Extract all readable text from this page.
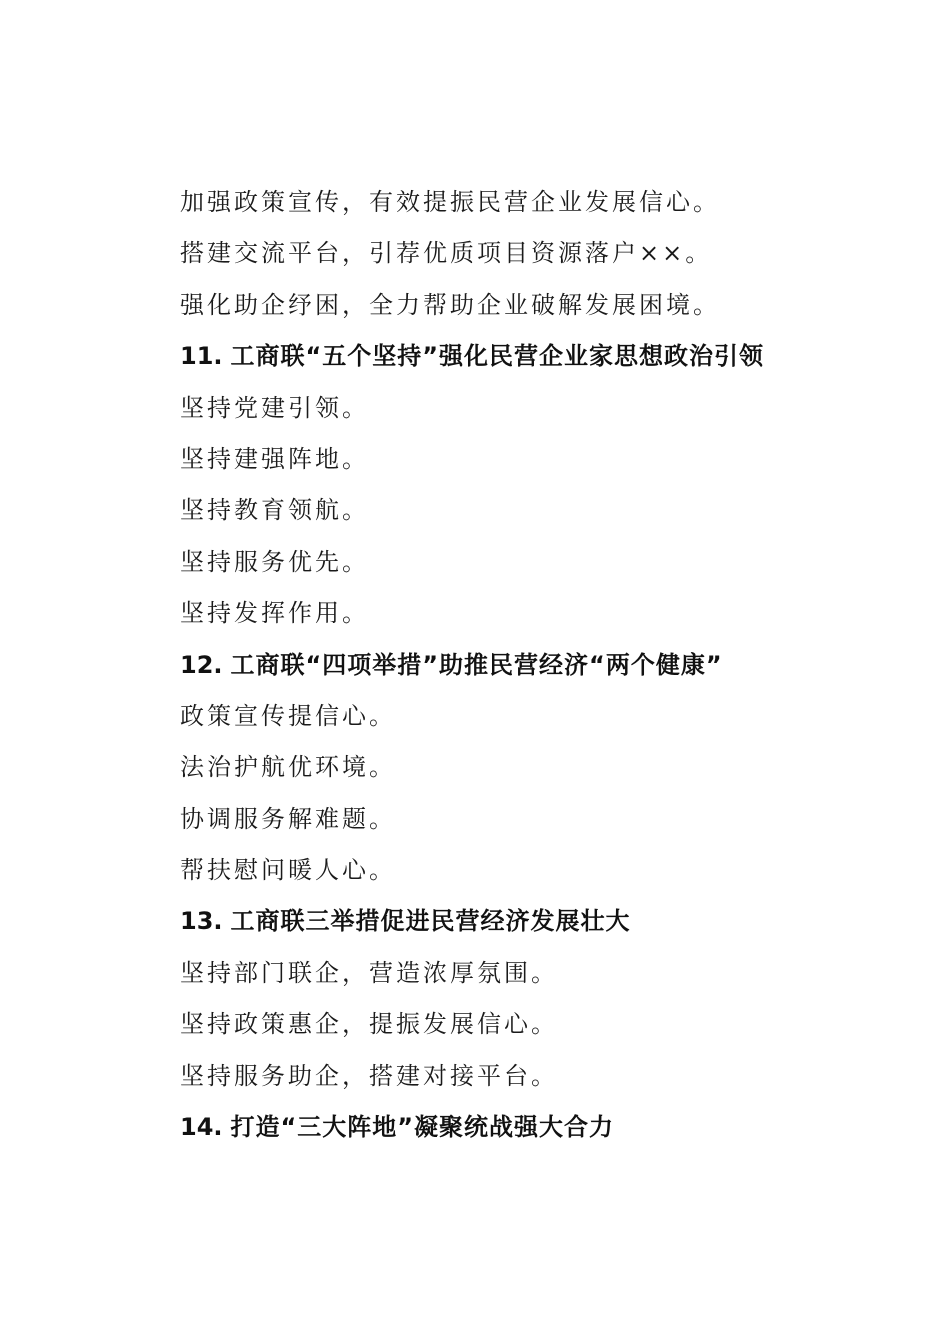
加强政策宣传，有效提振民营企业发展信心。
搭建交流平台，引荐优质项目资源落户××。
强化助企纾困，全力帮助企业破解发展困境。
11. 工商联“五个坚持”强化民营企业家思想政治引领
坚持党建引领。
坚持建强阵地。
坚持教育领航。
坚持服务优先。
坚持发挥作用。
12. 工商联“四项举措”助推民营经济“两个健康”
政策宣传提信心。
法治护航优环境。
协调服务解难题。
帮扶慰问暖人心。
13. 工商联三举措促进民营经济发展壮大
坚持部门联企，营造浓厚氛围。
坚持政策惠企，提振发展信心。
坚持服务助企，搭建对接平台。
14. 打造“三大阵地”凝聚统战强大合力
